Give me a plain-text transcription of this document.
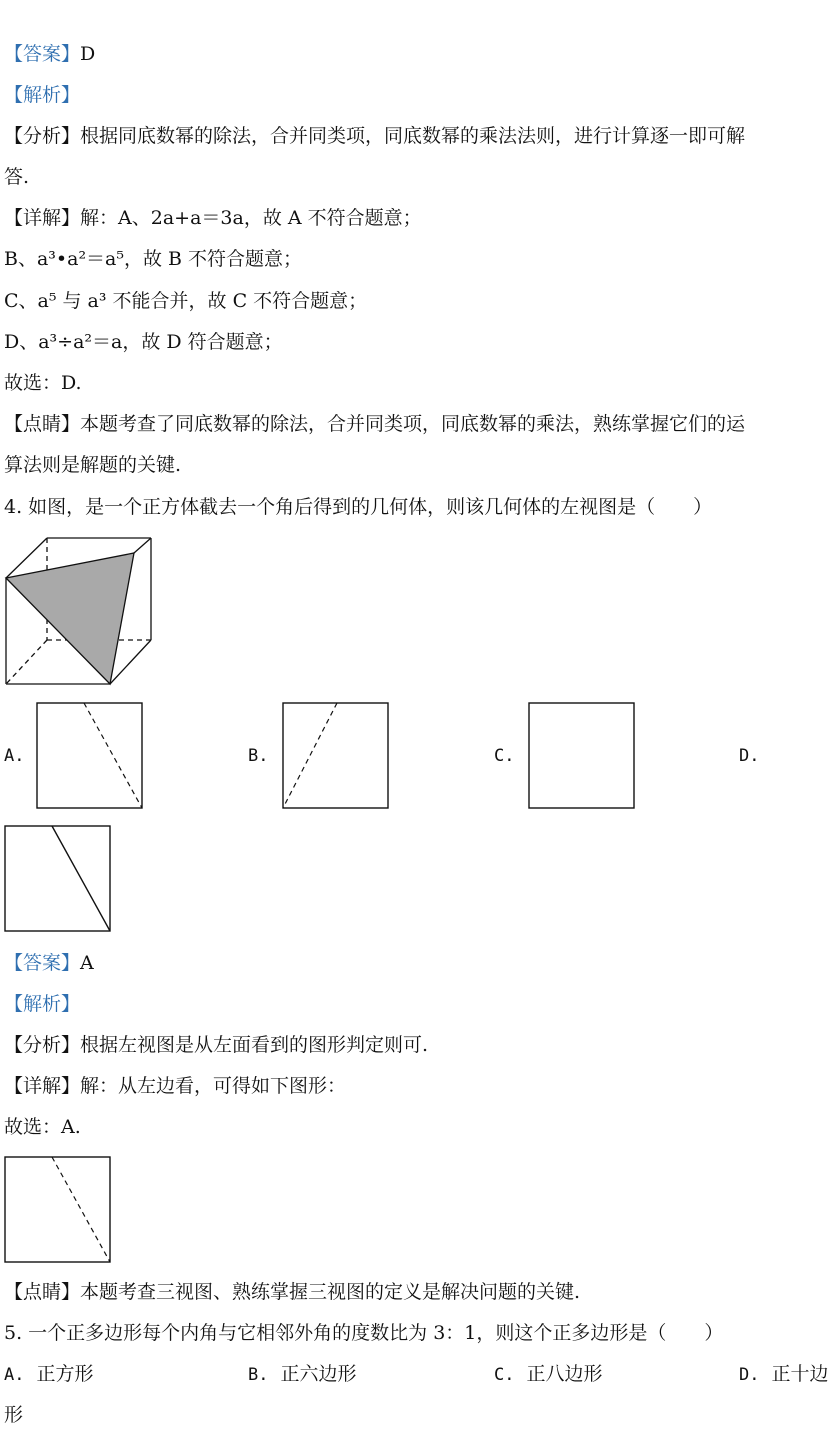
【答案】D
【解析】
【分析】根据同底数幂的除法，合并同类项，同底数幂的乘法法则，进行计算逐一即可解
答.
【详解】解：A、2a+a＝3a，故 A 不符合题意；
B、a³•a²＝a⁵，故 B 不符合题意；
C、a⁵ 与 a³ 不能合并，故 C 不符合题意；
D、a³÷a²＝a，故 D 符合题意；
故选：D.
【点睛】本题考查了同底数幂的除法，合并同类项，同底数幂的乘法，熟练掌握它们的运
算法则是解题的关键.
4. 如图，是一个正方体截去一个角后得到的几何体，则该几何体的左视图是（　　）
A.	B.	C.	D.
【答案】A
【解析】
【分析】根据左视图是从左面看到的图形判定则可.
【详解】解：从左边看，可得如下图形：
故选：A.
【点睛】本题考查三视图、熟练掌握三视图的定义是解决问题的关键.
5. 一个正多边形每个内角与它相邻外角的度数比为 3：1，则这个正多边形是（　　）
A. 正方形	B. 正六边形	C. 正八边形	D. 正十边
形
